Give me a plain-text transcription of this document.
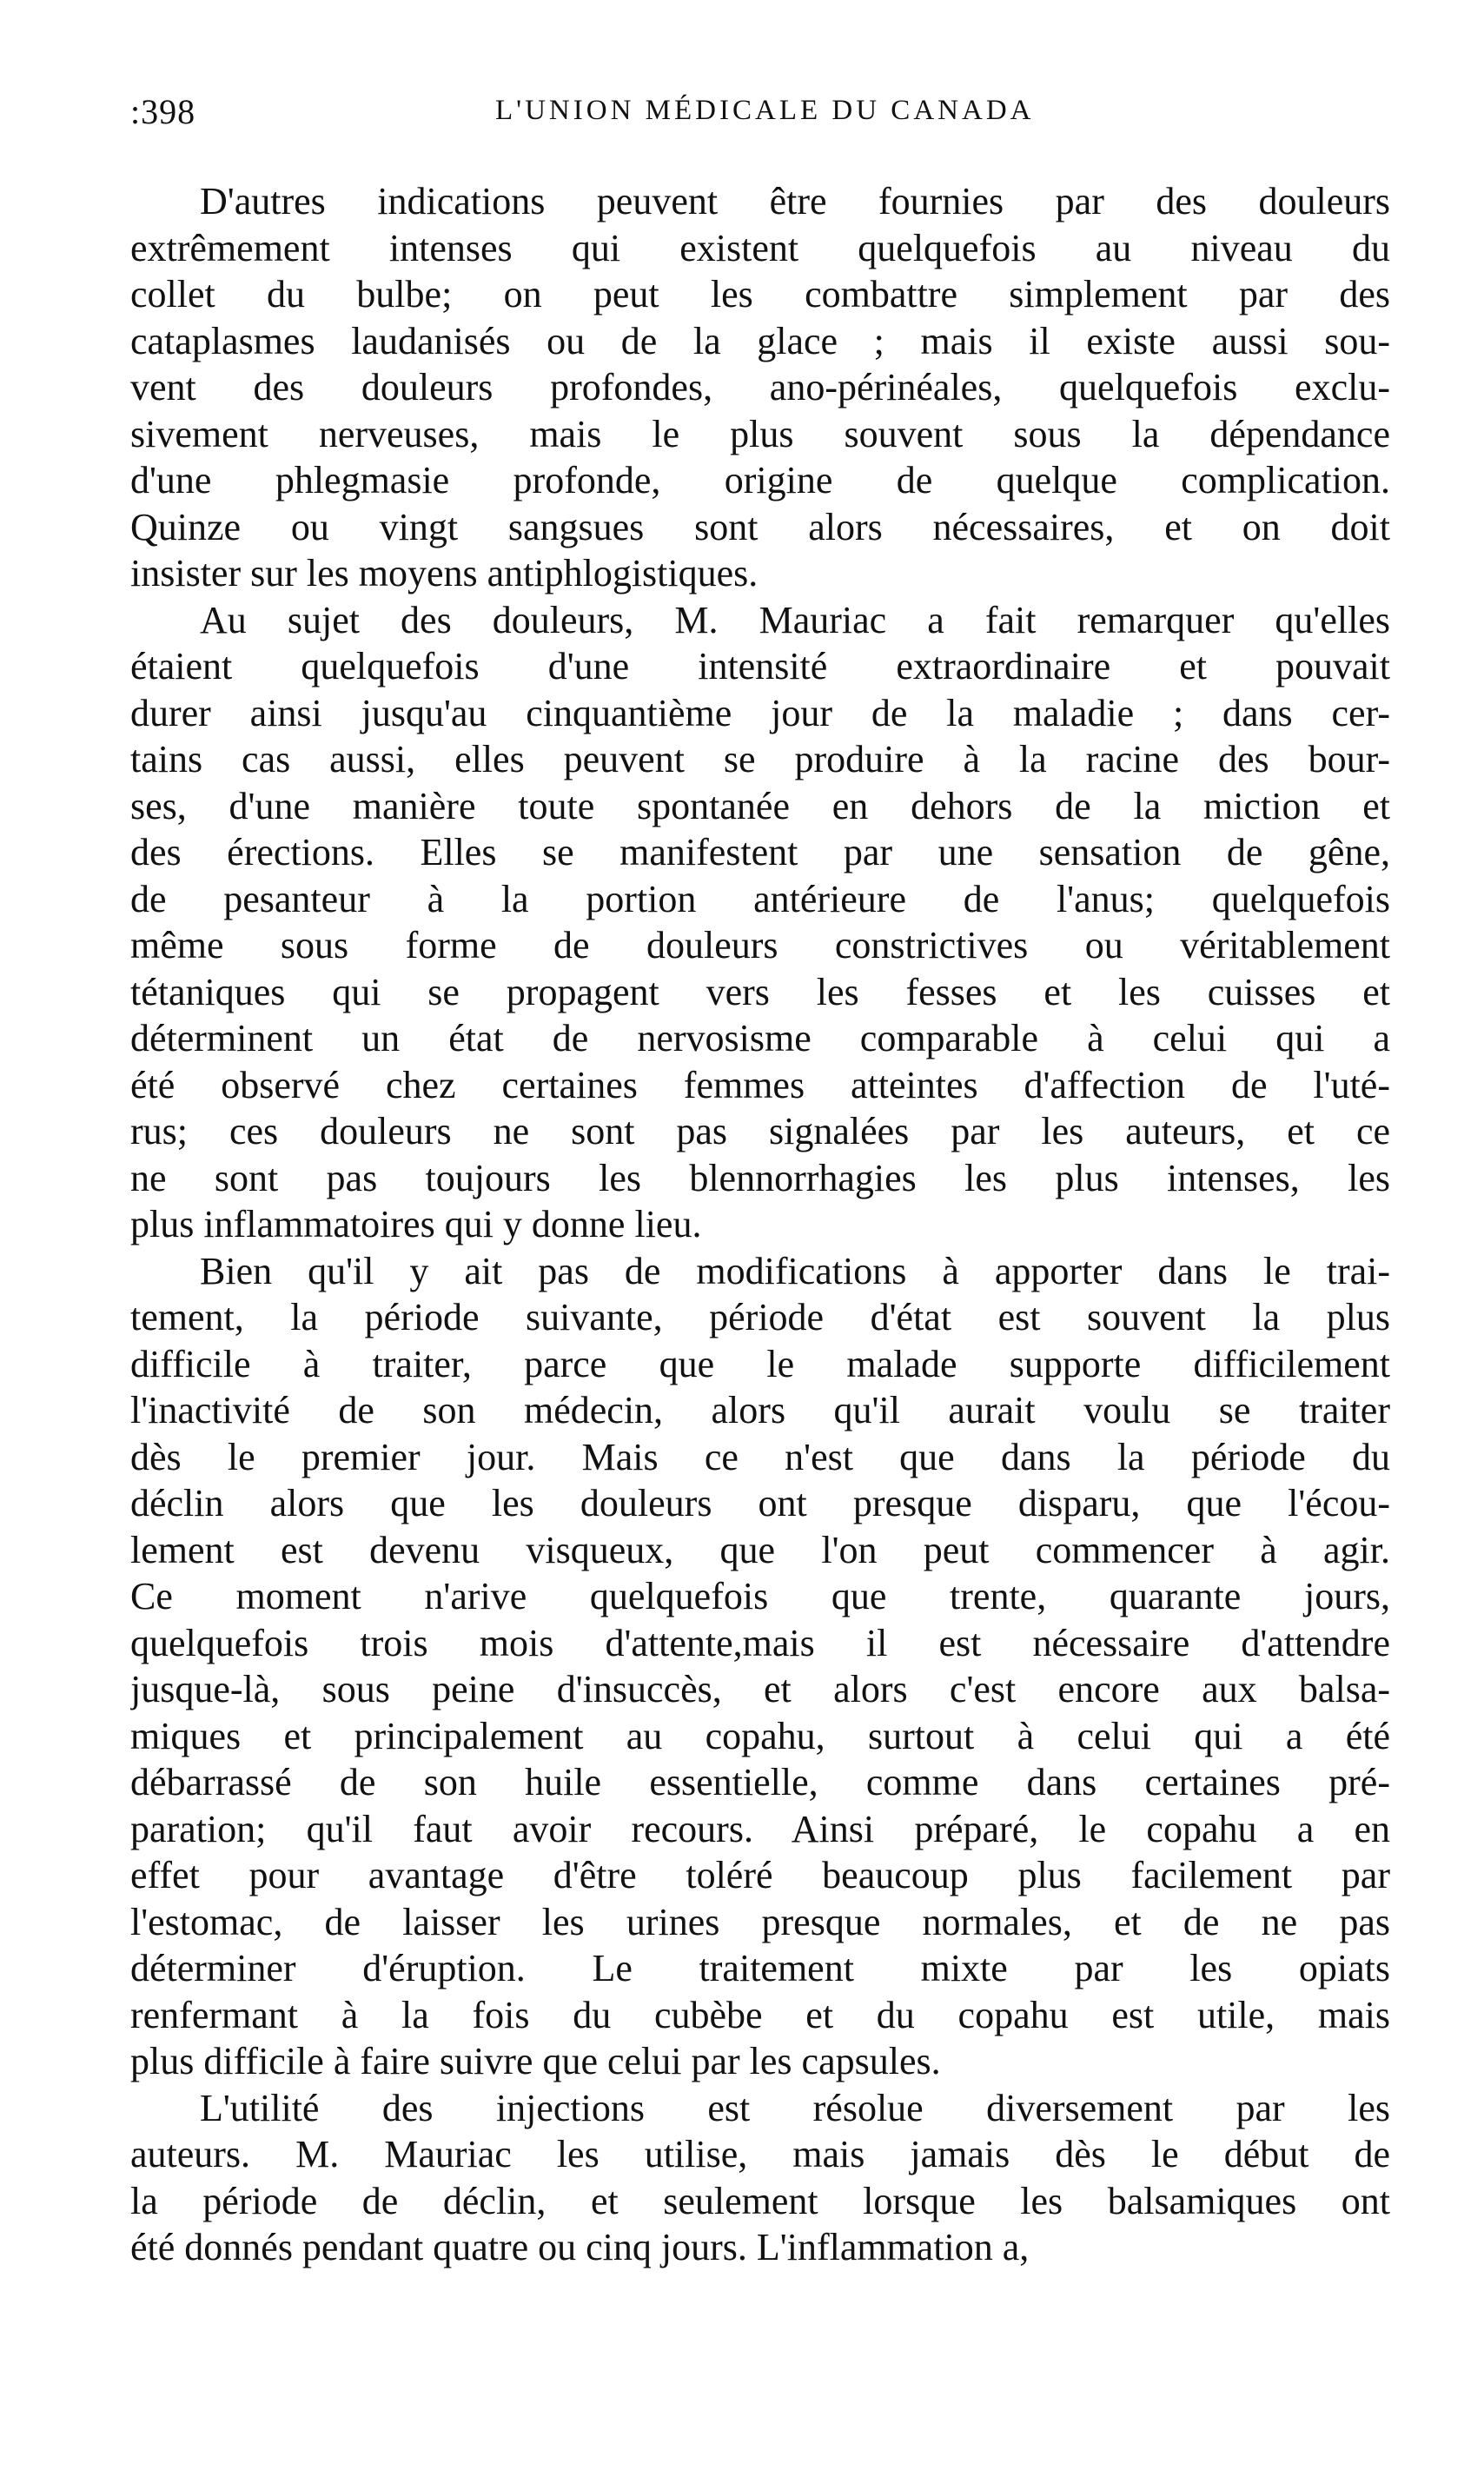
:398	L'UNION MÉDICALE DU CANADA
D'autres indications peuvent être fournies par des douleurs
extrêmement intenses qui existent quelquefois au niveau du
collet du bulbe; on peut les combattre simplement par des
cataplasmes laudanisés ou de la glace ; mais il existe aussi sou-
vent des douleurs profondes, ano-périnéales, quelquefois exclu-
sivement nerveuses, mais le plus souvent sous la dépendance
d'une phlegmasie profonde, origine de quelque complication.
Quinze ou vingt sangsues sont alors nécessaires, et on doit
insister sur les moyens antiphlogistiques.
Au sujet des douleurs, M. Mauriac a fait remarquer qu'elles
étaient quelquefois d'une intensité extraordinaire et pouvait
durer ainsi jusqu'au cinquantième jour de la maladie ; dans cer-
tains cas aussi, elles peuvent se produire à la racine des bour-
ses, d'une manière toute spontanée en dehors de la miction et
des érections. Elles se manifestent par une sensation de gêne,
de pesanteur à la portion antérieure de l'anus; quelquefois
même sous forme de douleurs constrictives ou véritablement
tétaniques qui se propagent vers les fesses et les cuisses et
déterminent un état de nervosisme comparable à celui qui a
été observé chez certaines femmes atteintes d'affection de l'uté-
rus; ces douleurs ne sont pas signalées par les auteurs, et ce
ne sont pas toujours les blennorrhagies les plus intenses, les
plus inflammatoires qui y donne lieu.
Bien qu'il y ait pas de modifications à apporter dans le trai-
tement, la période suivante, période d'état est souvent la plus
difficile à traiter, parce que le malade supporte difficilement
l'inactivité de son médecin, alors qu'il aurait voulu se traiter
dès le premier jour. Mais ce n'est que dans la période du
déclin alors que les douleurs ont presque disparu, que l'écou-
lement est devenu visqueux, que l'on peut commencer à agir.
Ce moment n'arive quelquefois que trente, quarante jours,
quelquefois trois mois d'attente,mais il est nécessaire d'attendre
jusque-là, sous peine d'insuccès, et alors c'est encore aux balsa-
miques et principalement au copahu, surtout à celui qui a été
débarrassé de son huile essentielle, comme dans certaines pré-
paration; qu'il faut avoir recours. Ainsi préparé, le copahu a en
effet pour avantage d'être toléré beaucoup plus facilement par
l'estomac, de laisser les urines presque normales, et de ne pas
déterminer d'éruption. Le traitement mixte par les opiats
renfermant à la fois du cubèbe et du copahu est utile, mais
plus difficile à faire suivre que celui par les capsules.
L'utilité des injections est résolue diversement par les
auteurs. M. Mauriac les utilise, mais jamais dès le début de
la période de déclin, et seulement lorsque les balsamiques ont
été donnés pendant quatre ou cinq jours. L'inflammation a,
